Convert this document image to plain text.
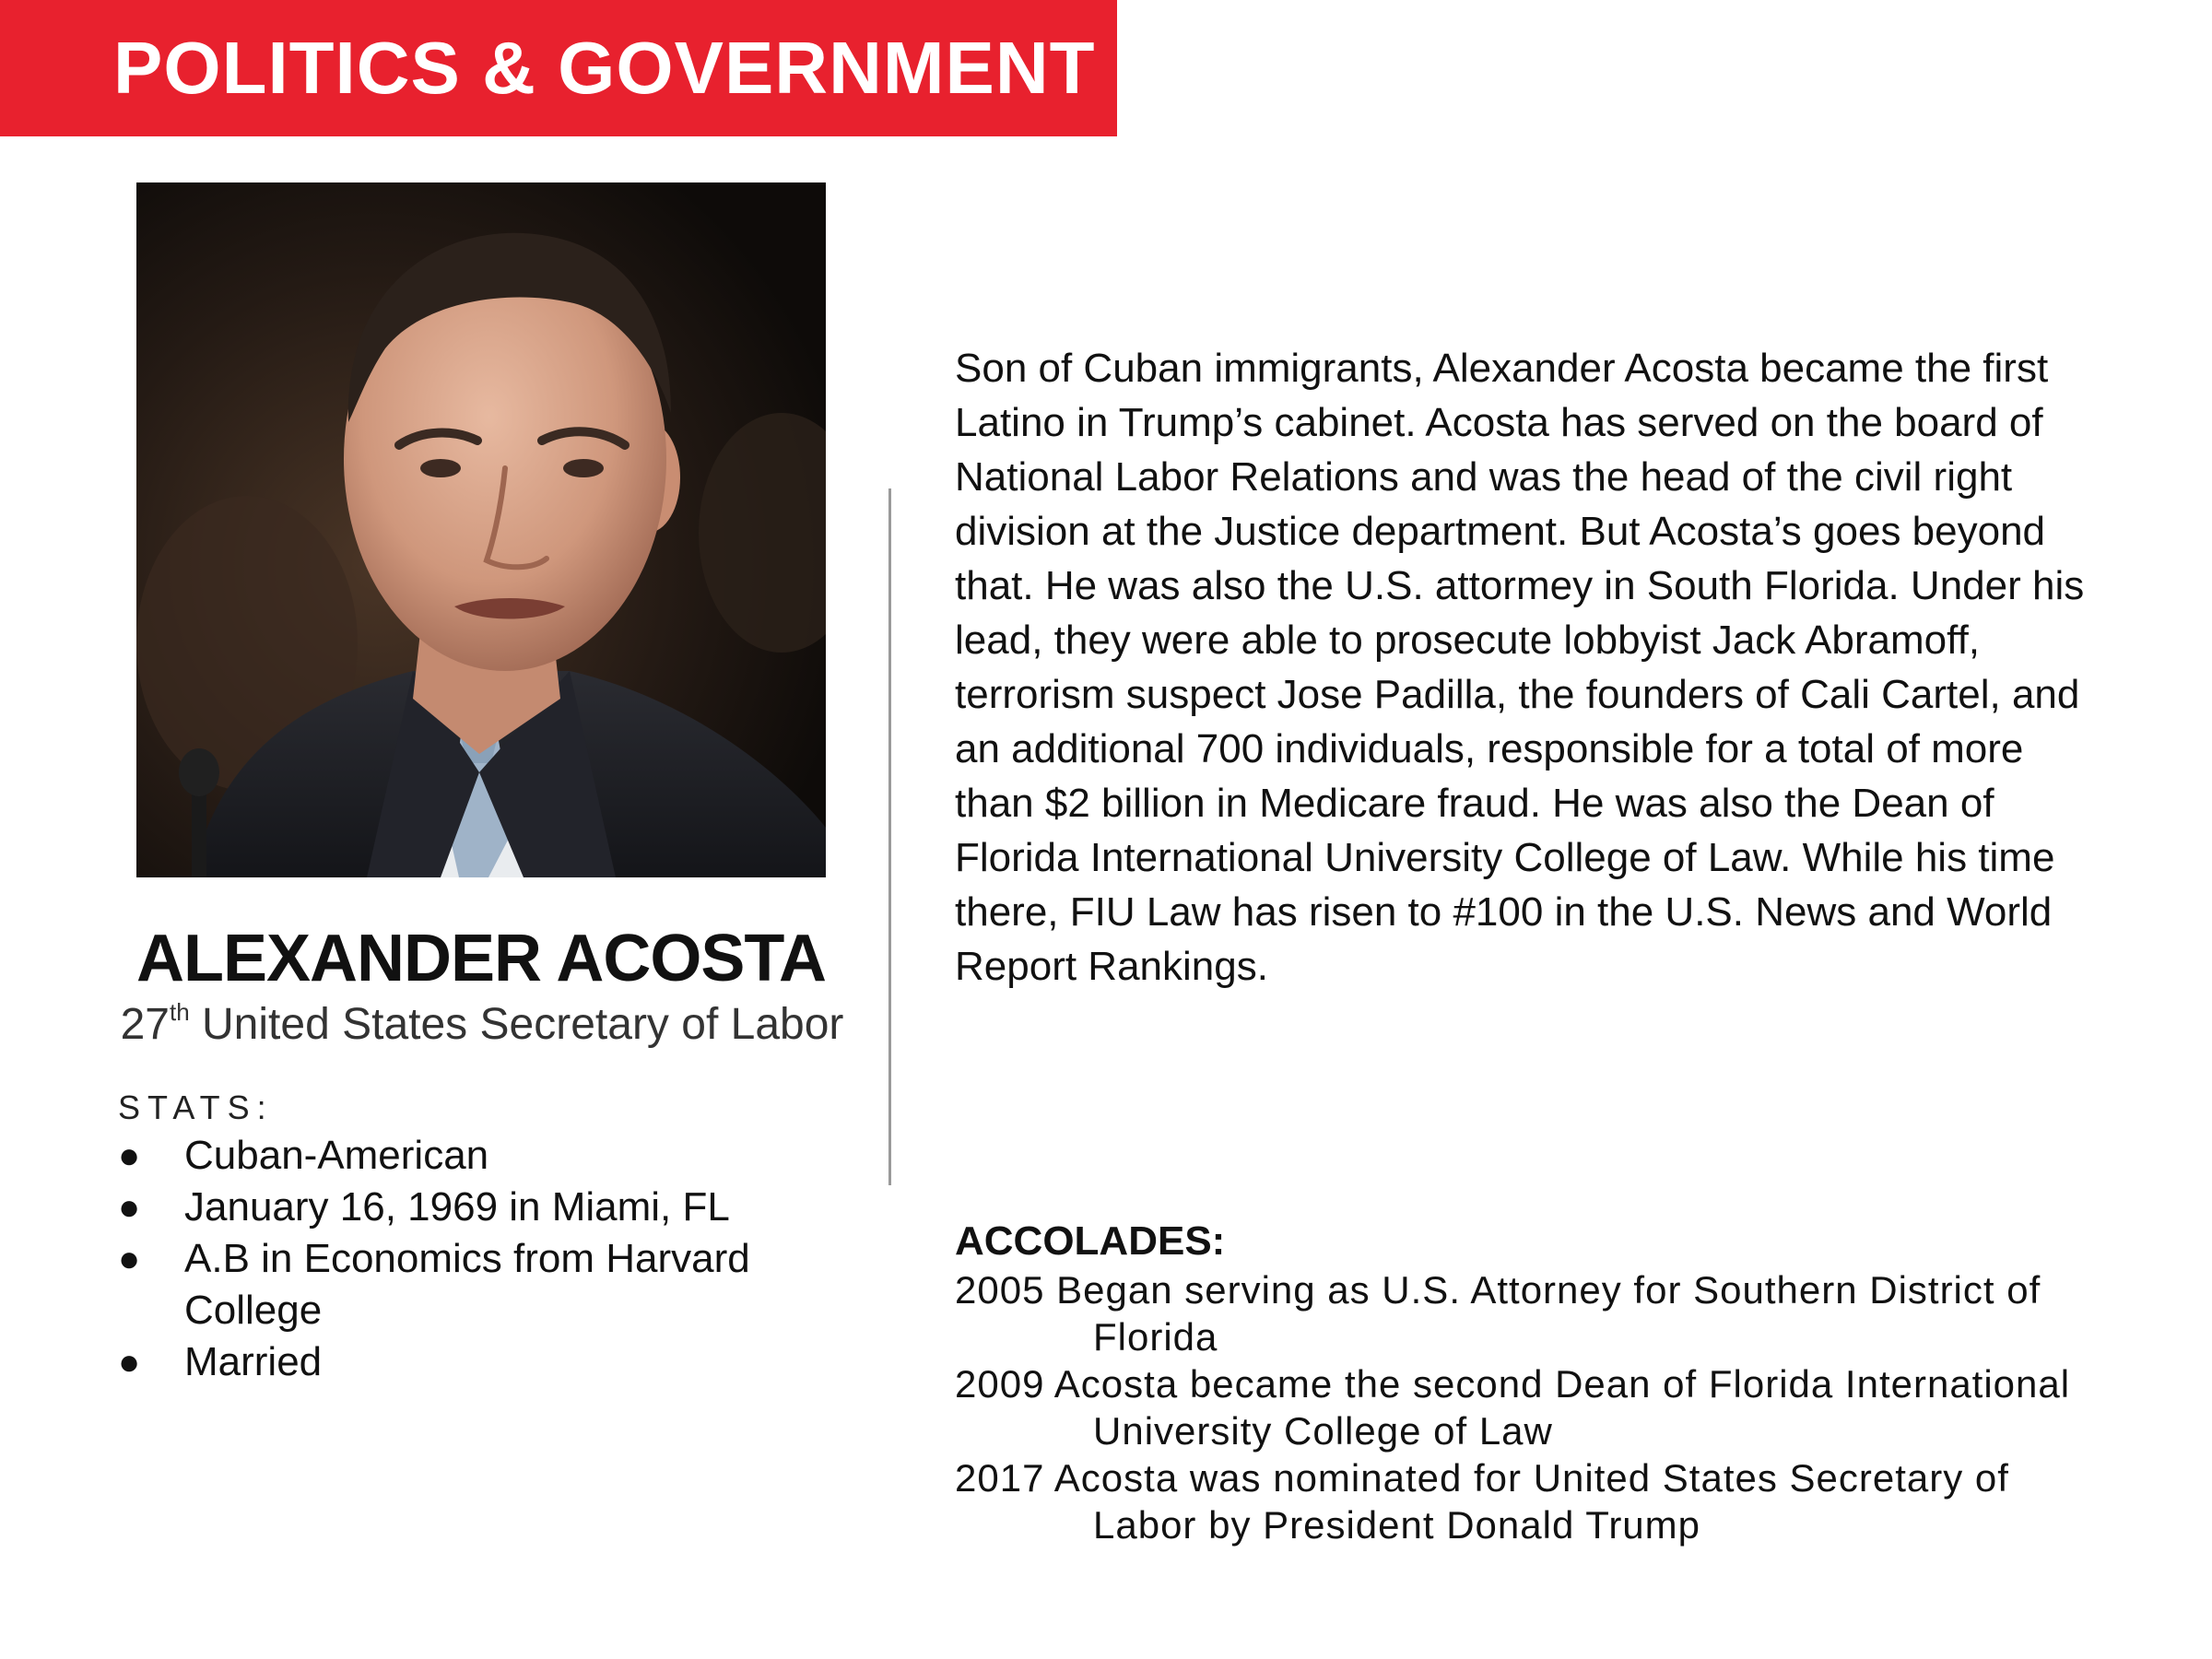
POLITICS & GOVERNMENT
ALEXANDER ACOSTA
27th United States Secretary of Labor
STATS:
●	Cuban-American
●	January 16, 1969 in Miami, FL
●	A.B in Economics from Harvard College
●	Married

Son of Cuban immigrants, Alexander Acosta became the first Latino in Trump’s cabinet. Acosta has served on the board of National Labor Relations and was the head of the civil right division at the Justice department. But Acosta’s goes beyond that. He was also the U.S. attormey in South Florida. Under his lead, they were able to prosecute lobbyist Jack Abramoff, terrorism suspect Jose Padilla, the founders of Cali Cartel, and an additional 700 individuals, responsible for a total of more than $2 billion in Medicare fraud. He was also the Dean of Florida International University College of Law. While his time there, FIU Law has risen to #100 in the U.S. News and World Report Rankings.

ACCOLADES:
2005 Began serving as U.S. Attorney for Southern District of Florida
2009 Acosta became the second Dean of Florida International University College of Law
2017 Acosta was nominated for United States Secretary of Labor by President Donald Trump
